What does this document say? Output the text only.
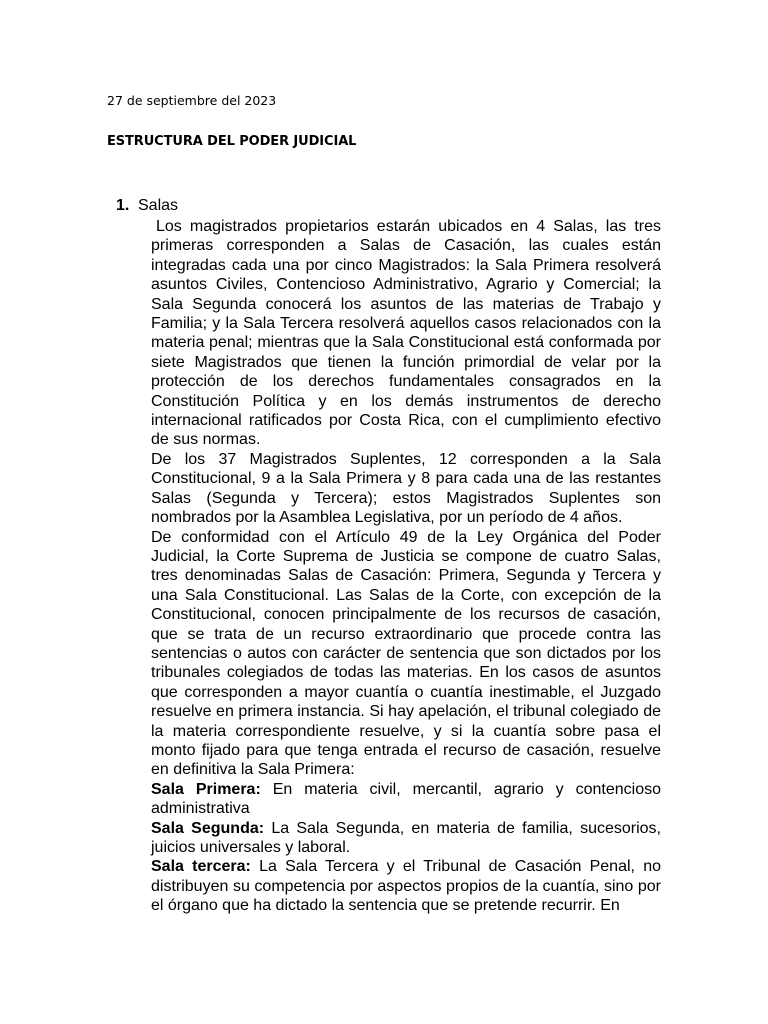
27 de septiembre del 2023
ESTRUCTURA DEL PODER JUDICIAL
1. Salas

Los magistrados propietarios estarán ubicados en 4 Salas, las tres primeras corresponden a Salas de Casación, las cuales están integradas cada una por cinco Magistrados: la Sala Primera resolverá asuntos Civiles, Contencioso Administrativo, Agrario y Comercial; la Sala Segunda conocerá los asuntos de las materias de Trabajo y Familia; y la Sala Tercera resolverá aquellos casos relacionados con la materia penal; mientras que la Sala Constitucional está conformada por siete Magistrados que tienen la función primordial de velar por la protección de los derechos fundamentales consagrados en la Constitución Política y en los demás instrumentos de derecho internacional ratificados por Costa Rica, con el cumplimiento efectivo de sus normas.

De los 37 Magistrados Suplentes, 12 corresponden a la Sala Constitucional, 9 a la Sala Primera y 8 para cada una de las restantes Salas (Segunda y Tercera); estos Magistrados Suplentes son nombrados por la Asamblea Legislativa, por un período de 4 años.

De conformidad con el Artículo 49 de la Ley Orgánica del Poder Judicial, la Corte Suprema de Justicia se compone de cuatro Salas, tres denominadas Salas de Casación: Primera, Segunda y Tercera y una Sala Constitucional. Las Salas de la Corte, con excepción de la Constitucional, conocen principalmente de los recursos de casación, que se trata de un recurso extraordinario que procede contra las sentencias o autos con carácter de sentencia que son dictados por los tribunales colegiados de todas las materias. En los casos de asuntos que corresponden a mayor cuantía o cuantía inestimable, el Juzgado resuelve en primera instancia. Si hay apelación, el tribunal colegiado de la materia correspondiente resuelve, y si la cuantía sobre pasa el monto fijado para que tenga entrada el recurso de casación, resuelve en definitiva la Sala Primera:

Sala Primera: En materia civil, mercantil, agrario y contencioso administrativa

Sala Segunda: La Sala Segunda, en materia de familia, sucesorios, juicios universales y laboral.

Sala tercera: La Sala Tercera y el Tribunal de Casación Penal, no distribuyen su competencia por aspectos propios de la cuantía, sino por el órgano que ha dictado la sentencia que se pretende recurrir. En
